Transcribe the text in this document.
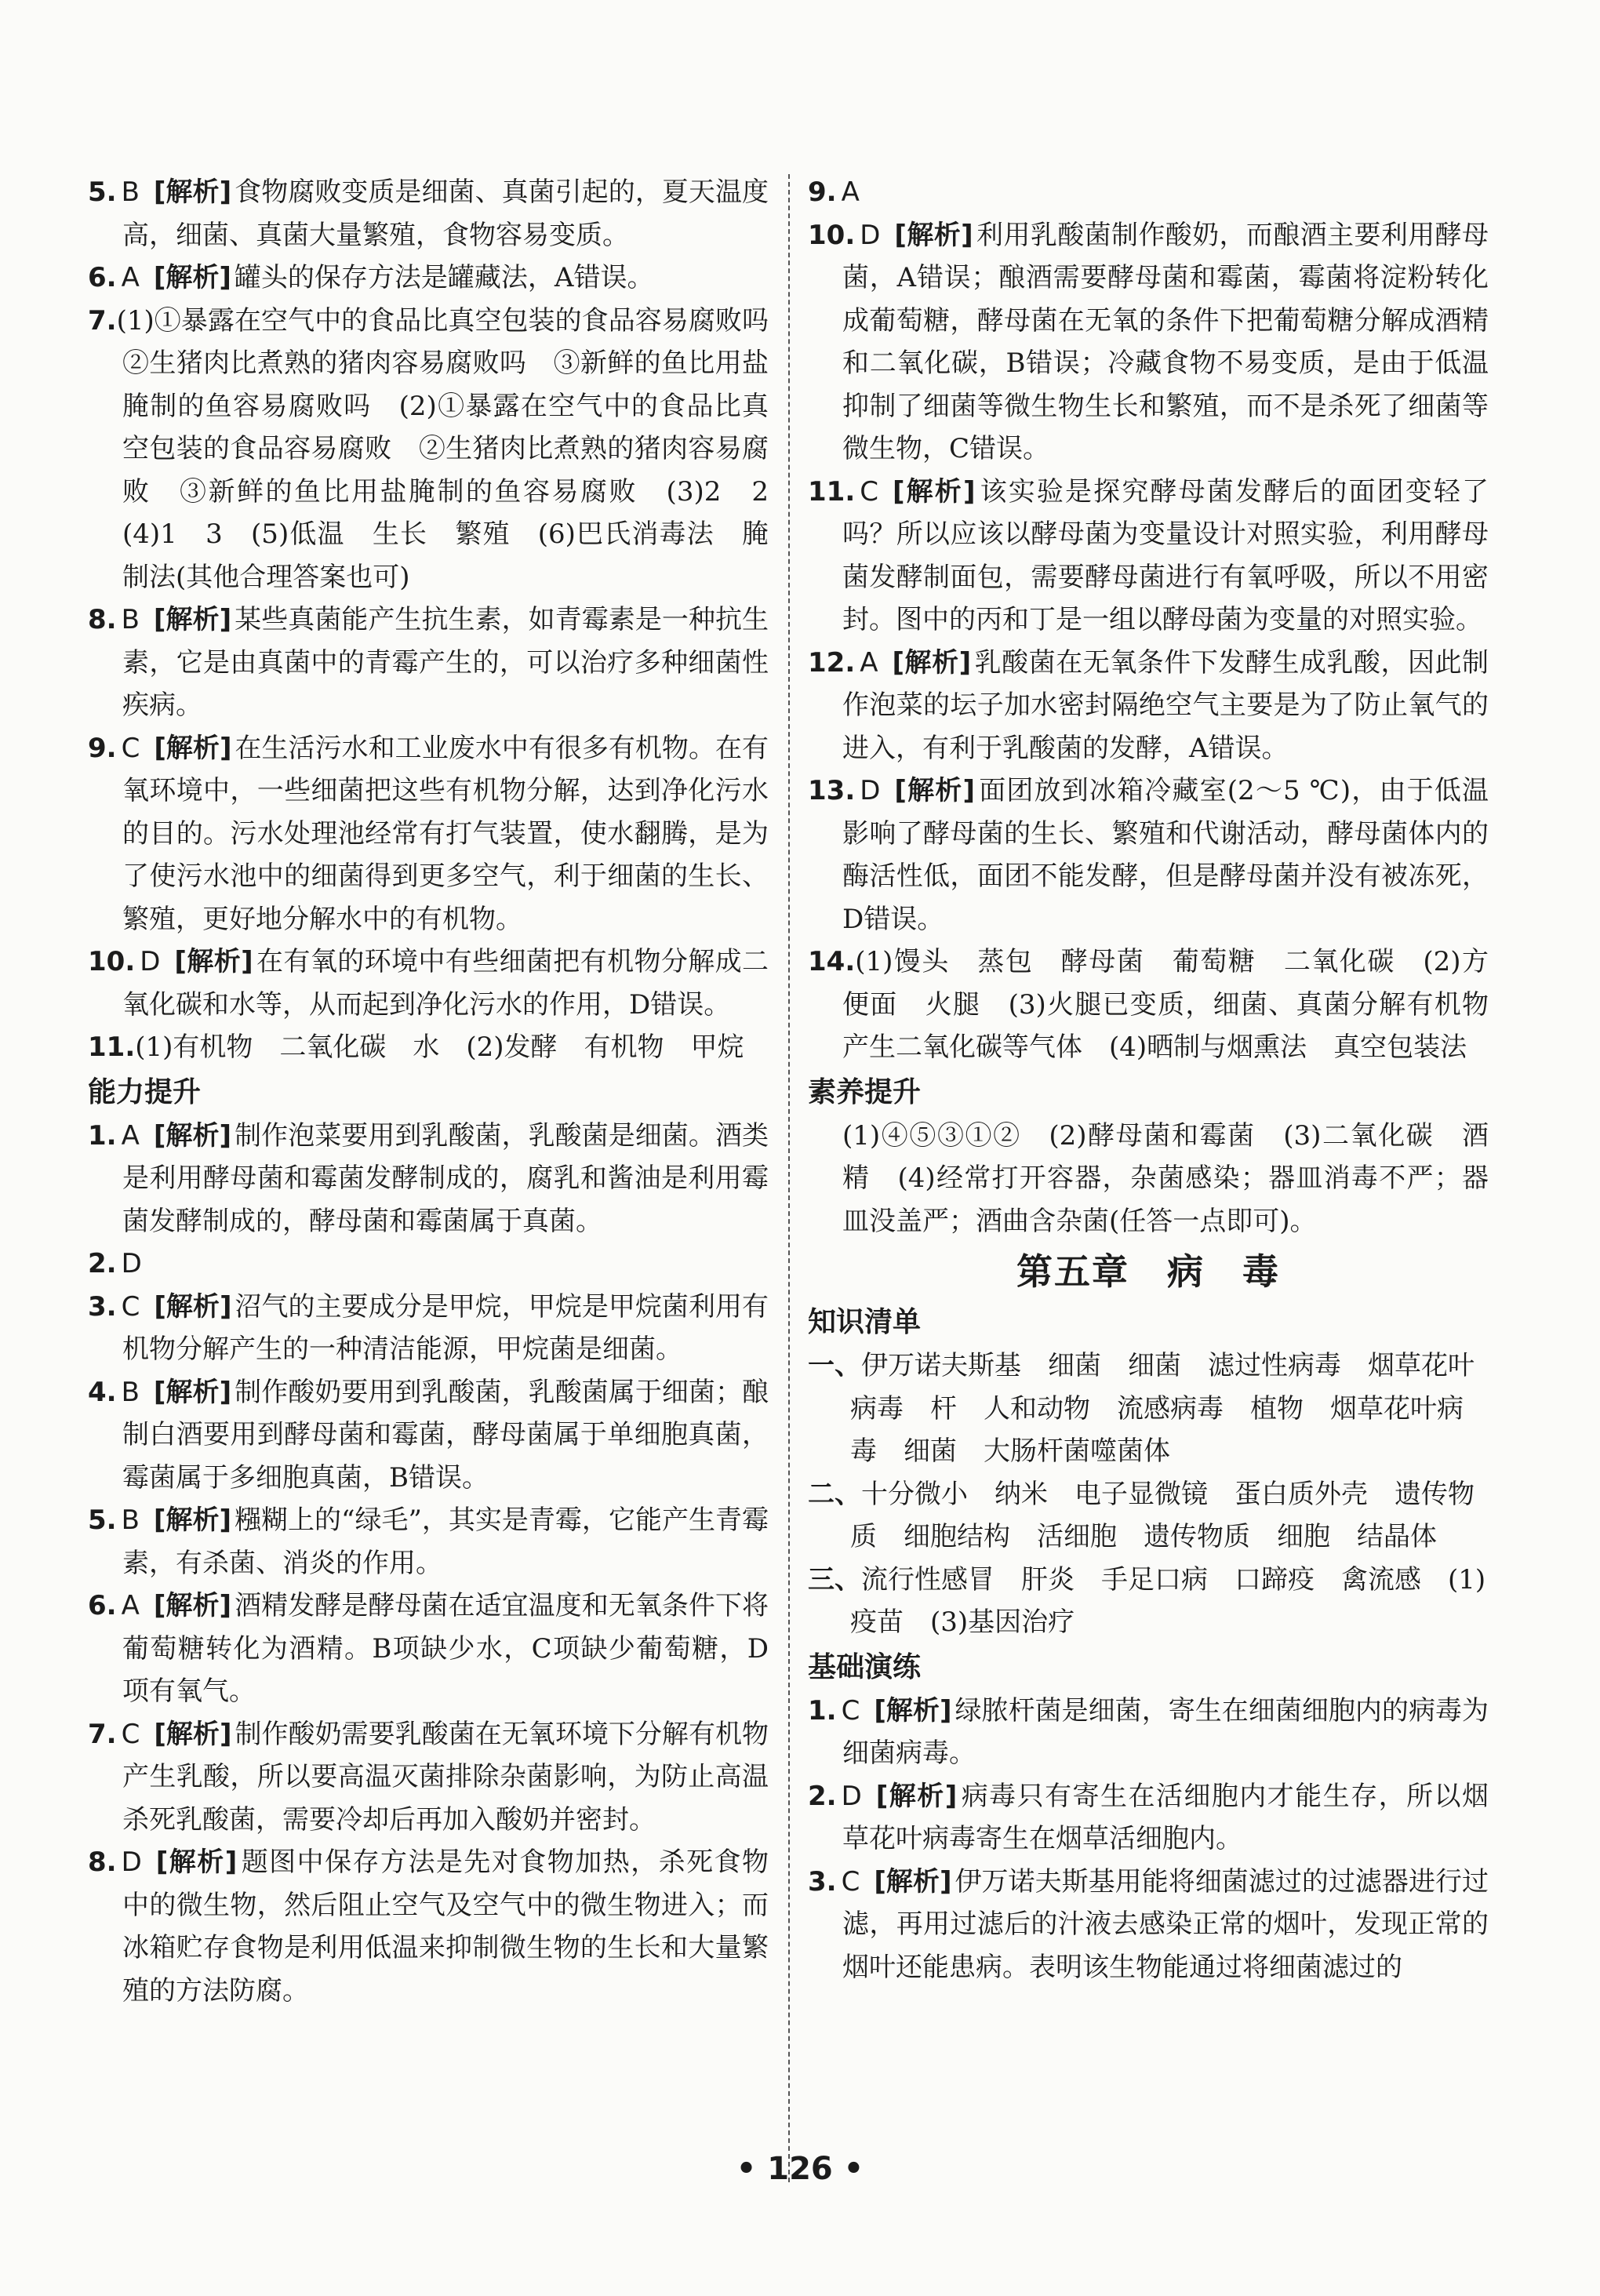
5. B [解析] 食物腐败变质是细菌、真菌引起的，夏天温度高，细菌、真菌大量繁殖，食物容易变质。
6. A [解析] 罐头的保存方法是罐藏法，A错误。
7.(1)①暴露在空气中的食品比真空包装的食品容易腐败吗　②生猪肉比煮熟的猪肉容易腐败吗　③新鲜的鱼比用盐腌制的鱼容易腐败吗　(2)①暴露在空气中的食品比真空包装的食品容易腐败　②生猪肉比煮熟的猪肉容易腐败　③新鲜的鱼比用盐腌制的鱼容易腐败　(3)2　2　(4)1　3　(5)低温　生长　繁殖　(6)巴氏消毒法　腌制法(其他合理答案也可)
8. B [解析] 某些真菌能产生抗生素，如青霉素是一种抗生素，它是由真菌中的青霉产生的，可以治疗多种细菌性疾病。
9. C [解析] 在生活污水和工业废水中有很多有机物。在有氧环境中，一些细菌把这些有机物分解，达到净化污水的目的。污水处理池经常有打气装置，使水翻腾，是为了使污水池中的细菌得到更多空气，利于细菌的生长、繁殖，更好地分解水中的有机物。
10. D [解析] 在有氧的环境中有些细菌把有机物分解成二氧化碳和水等，从而起到净化污水的作用，D错误。
11.(1)有机物　二氧化碳　水　(2)发酵　有机物　甲烷
能力提升
1. A [解析] 制作泡菜要用到乳酸菌，乳酸菌是细菌。酒类是利用酵母菌和霉菌发酵制成的，腐乳和酱油是利用霉菌发酵制成的，酵母菌和霉菌属于真菌。
2. D
3. C [解析] 沼气的主要成分是甲烷，甲烷是甲烷菌利用有机物分解产生的一种清洁能源，甲烷菌是细菌。
4. B [解析] 制作酸奶要用到乳酸菌，乳酸菌属于细菌；酿制白酒要用到酵母菌和霉菌，酵母菌属于单细胞真菌，霉菌属于多细胞真菌，B错误。
5. B [解析] 糨糊上的“绿毛”，其实是青霉，它能产生青霉素，有杀菌、消炎的作用。
6. A [解析] 酒精发酵是酵母菌在适宜温度和无氧条件下将葡萄糖转化为酒精。B项缺少水，C项缺少葡萄糖，D项有氧气。
7. C [解析] 制作酸奶需要乳酸菌在无氧环境下分解有机物产生乳酸，所以要高温灭菌排除杂菌影响，为防止高温杀死乳酸菌，需要冷却后再加入酸奶并密封。
8. D [解析] 题图中保存方法是先对食物加热，杀死食物中的微生物，然后阻止空气及空气中的微生物进入；而冰箱贮存食物是利用低温来抑制微生物的生长和大量繁殖的方法防腐。
9. A
10. D [解析] 利用乳酸菌制作酸奶，而酿酒主要利用酵母菌，A错误；酿酒需要酵母菌和霉菌，霉菌将淀粉转化成葡萄糖，酵母菌在无氧的条件下把葡萄糖分解成酒精和二氧化碳，B错误；冷藏食物不易变质，是由于低温抑制了细菌等微生物生长和繁殖，而不是杀死了细菌等微生物，C错误。
11. C [解析] 该实验是探究酵母菌发酵后的面团变轻了吗？所以应该以酵母菌为变量设计对照实验，利用酵母菌发酵制面包，需要酵母菌进行有氧呼吸，所以不用密封。图中的丙和丁是一组以酵母菌为变量的对照实验。
12. A [解析] 乳酸菌在无氧条件下发酵生成乳酸，因此制作泡菜的坛子加水密封隔绝空气主要是为了防止氧气的进入，有利于乳酸菌的发酵，A错误。
13. D [解析] 面团放到冰箱冷藏室(2～5 ℃)，由于低温影响了酵母菌的生长、繁殖和代谢活动，酵母菌体内的酶活性低，面团不能发酵，但是酵母菌并没有被冻死，D错误。
14.(1)馒头　蒸包　酵母菌　葡萄糖　二氧化碳　(2)方便面　火腿　(3)火腿已变质，细菌、真菌分解有机物产生二氧化碳等气体　(4)晒制与烟熏法　真空包装法
素养提升
(1)④⑤③①②　(2)酵母菌和霉菌　(3)二氧化碳　酒精　(4)经常打开容器，杂菌感染；器皿消毒不严；器皿没盖严；酒曲含杂菌(任答一点即可)。
第五章　病　毒
知识清单
一、伊万诺夫斯基　细菌　细菌　滤过性病毒　烟草花叶病毒　杆　人和动物　流感病毒　植物　烟草花叶病毒　细菌　大肠杆菌噬菌体
二、十分微小　纳米　电子显微镜　蛋白质外壳　遗传物质　细胞结构　活细胞　遗传物质　细胞　结晶体
三、流行性感冒　肝炎　手足口病　口蹄疫　禽流感　(1)疫苗　(3)基因治疗
基础演练
1. C [解析] 绿脓杆菌是细菌，寄生在细菌细胞内的病毒为细菌病毒。
2. D [解析] 病毒只有寄生在活细胞内才能生存，所以烟草花叶病毒寄生在烟草活细胞内。
3. C [解析] 伊万诺夫斯基用能将细菌滤过的过滤器进行过滤，再用过滤后的汁液去感染正常的烟叶，发现正常的烟叶还能患病。表明该生物能通过将细菌滤过的
• 126 •
